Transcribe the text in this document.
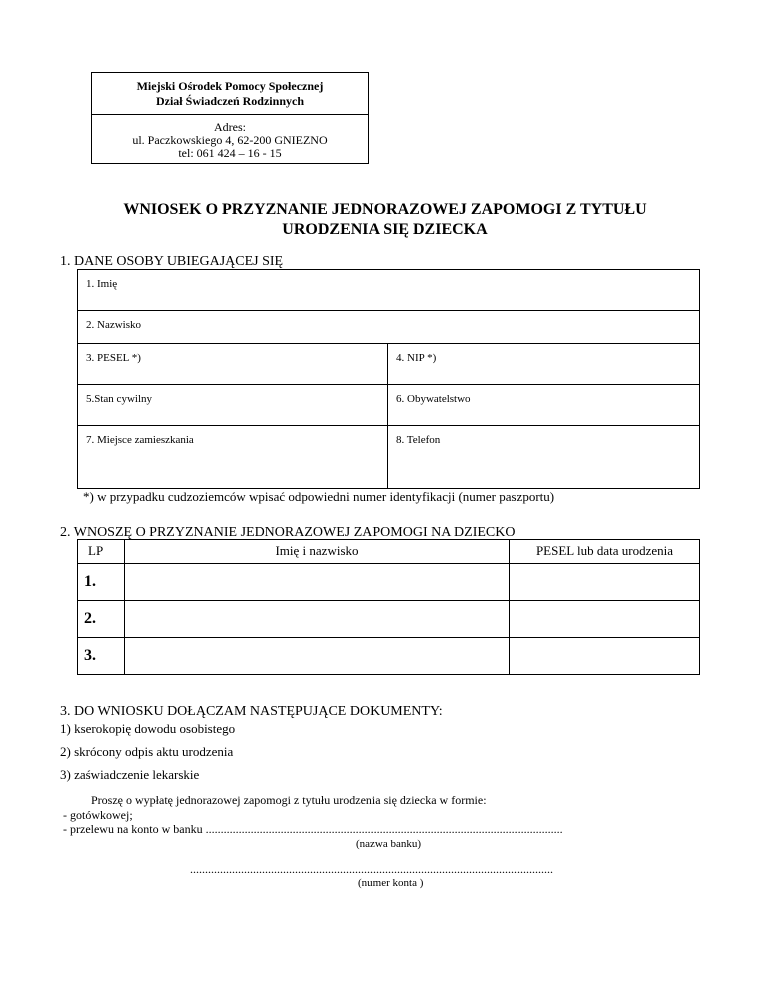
Miejski Ośrodek Pomocy Społecznej
Dział Świadczeń Rodzinnych
Adres:
ul. Paczkowskiego 4, 62-200 GNIEZNO
tel: 061 424 – 16 - 15
WNIOSEK O PRZYZNANIE JEDNORAZOWEJ ZAPOMOGI Z TYTUŁU
URODZENIA SIĘ DZIECKA
1. DANE OSOBY UBIEGAJĄCEJ SIĘ
1. Imię	
2. Nazwisko	
3. PESEL *)	4. NIP *)
5.Stan cywilny	6. Obywatelstwo
7. Miejsce zamieszkania	8. Telefon
*) w przypadku cudzoziemców wpisać odpowiedni numer identyfikacji (numer paszportu)
2. WNOSZĘ O PRZYZNANIE JEDNORAZOWEJ ZAPOMOGI NA DZIECKO
LP	Imię i nazwisko	PESEL lub data urodzenia
1.		
2.		
3.		
3. DO WNIOSKU DOŁĄCZAM NASTĘPUJĄCE DOKUMENTY:
1) kserokopię dowodu osobistego
2) skrócony odpis aktu urodzenia
3) zaświadczenie lekarskie
Proszę o wypłatę jednorazowej zapomogi z tytułu urodzenia się dziecka w formie:
- gotówkowej;
- przelewu na konto w banku .......................................................................................................................
(nazwa banku)
.........................................................................................................................
(numer konta )
